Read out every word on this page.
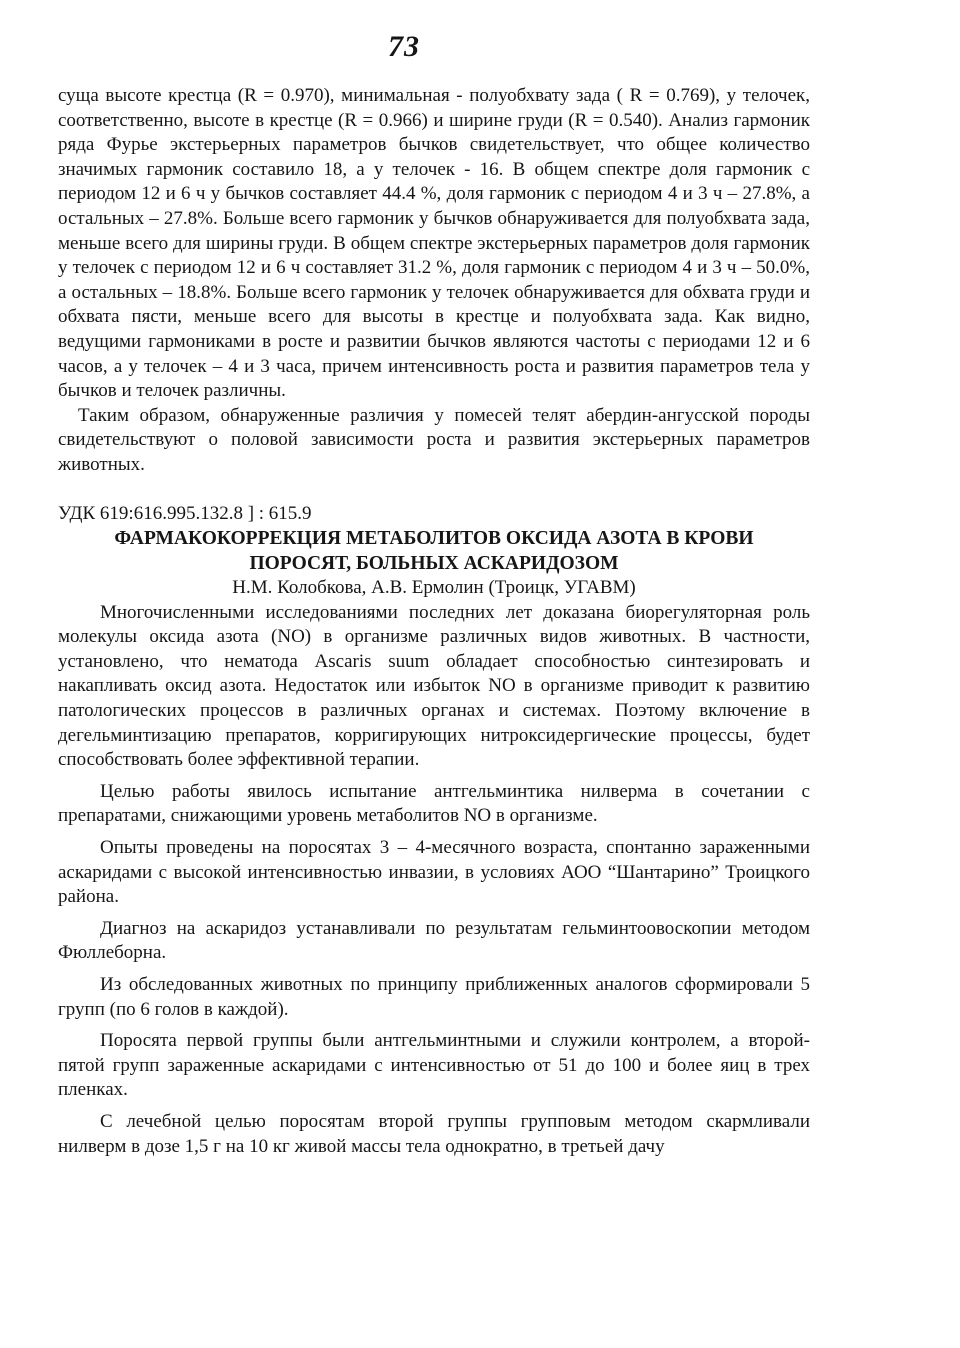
73

суща высоте крестца (R = 0.970), минимальная - полуобхвату зада ( R = 0.769), у телочек, соответственно, высоте в крестце (R = 0.966) и ширине груди (R = 0.540). Анализ гармоник ряда Фурье экстерьерных параметров бычков свидетельствует, что общее количество значимых гармоник составило 18, а у телочек - 16. В общем спектре доля гармоник с периодом 12 и 6 ч у бычков составляет 44.4 %, доля гармоник с периодом 4 и 3 ч – 27.8%, а остальных – 27.8%. Больше всего гармоник у бычков обнаруживается для полуобхвата зада, меньше всего для ширины груди. В общем спектре экстерьерных параметров доля гармоник у телочек с периодом 12 и 6 ч составляет 31.2 %, доля гармоник с периодом 4 и 3 ч – 50.0%, а остальных – 18.8%. Больше всего гармоник у телочек обнаруживается для обхвата груди и обхвата пясти, меньше всего для высоты в крестце и полуобхвата зада. Как видно, ведущими гармониками в росте и развитии бычков являются частоты с периодами 12 и 6 часов, а у телочек – 4 и 3 часа, причем интенсивность роста и развития параметров тела у бычков и телочек различны.

Таким образом, обнаруженные различия у помесей телят абердин-ангусской породы свидетельствуют о половой зависимости роста и развития экстерьерных параметров животных.

УДК 619:616.995.132.8 ] : 615.9

ФАРМАКОКОРРЕКЦИЯ МЕТАБОЛИТОВ ОКСИДА АЗОТА В КРОВИ
ПОРОСЯТ, БОЛЬНЫХ АСКАРИДОЗОМ

Н.М. Колобкова, А.В. Ермолин (Троицк, УГАВМ)

Многочисленными исследованиями последних лет доказана биорегуляторная роль молекулы оксида азота (NO) в организме различных видов животных. В частности, установлено, что нематода Ascaris suum обладает способностью синтезировать и накапливать оксид азота. Недостаток или избыток NO в организме приводит к развитию патологических процессов в различных органах и системах. Поэтому включение в дегельминтизацию препаратов, корригирующих нитроксидергические процессы, будет способствовать более эффективной терапии.

Целью работы явилось испытание антгельминтика нилверма в сочетании с препаратами, снижающими уровень метаболитов NO в организме.

Опыты проведены на поросятах 3 – 4-месячного возраста, спонтанно зараженными аскаридами с высокой интенсивностью инвазии, в условиях АОО “Шантарино” Троицкого района.

Диагноз на аскаридоз устанавливали по результатам гельминтоовоскопии методом Фюллеборна.

Из обследованных животных по принципу приближенных аналогов сформировали 5 групп (по 6 голов в каждой).

Поросята первой группы были антгельминтными и служили контролем, а второй-пятой групп зараженные аскаридами с интенсивностью от 51 до 100 и более яиц в трех пленках.

С лечебной целью поросятам второй группы групповым методом скармливали нилверм в дозе 1,5 г на 10 кг живой массы тела однократно, в третьей дачу
